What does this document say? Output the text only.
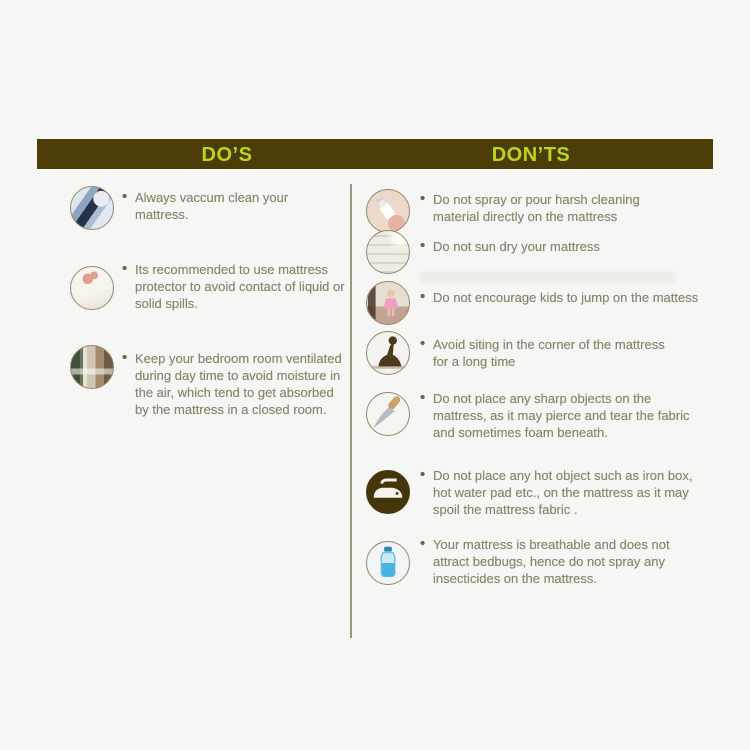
DO’S	DON’TS
• Always vaccum clean your mattress.
• Its recommended to use mattress protector to avoid contact of liquid or solid spills.
• Keep your bedroom room ventilated during day time to avoid moisture in the air, which tend to get absorbed by the mattress in a closed room.
• Do not spray or pour harsh cleaning material directly on the mattress
• Do not sun dry your mattress
• Do not encourage kids to jump on the mattess
• Avoid siting in the corner of the mattress for a long time
• Do not place any sharp objects on the mattress, as it may pierce and tear the fabric and sometimes foam beneath.
• Do not place any hot object such as iron box, hot water pad etc., on the mattress as it may spoil the mattress fabric .
• Your mattress is breathable and does not attract bedbugs, hence do not spray any insecticides on the mattress.
